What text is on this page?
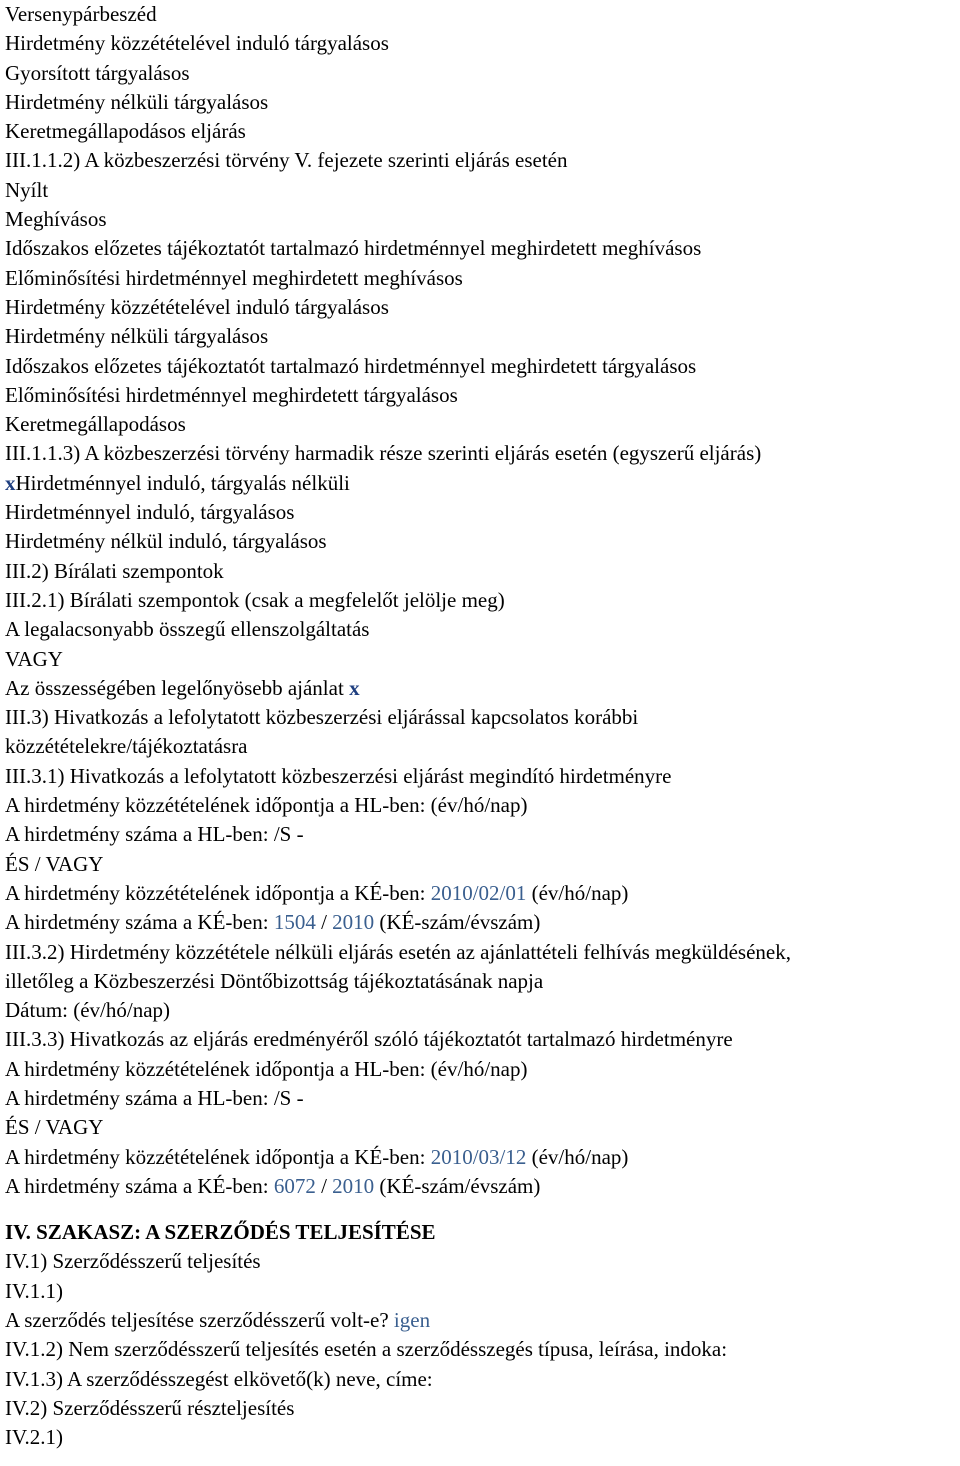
Versenypárbeszéd
Hirdetmény közzétételével induló tárgyalásos
Gyorsított tárgyalásos
Hirdetmény nélküli tárgyalásos
Keretmegállapodásos eljárás
III.1.1.2) A közbeszerzési törvény V. fejezete szerinti eljárás esetén
Nyílt
Meghívásos
Időszakos előzetes tájékoztatót tartalmazó hirdetménnyel meghirdetett meghívásos
Előminősítési hirdetménnyel meghirdetett meghívásos
Hirdetmény közzétételével induló tárgyalásos
Hirdetmény nélküli tárgyalásos
Időszakos előzetes tájékoztatót tartalmazó hirdetménnyel meghirdetett tárgyalásos
Előminősítési hirdetménnyel meghirdetett tárgyalásos
Keretmegállapodásos
III.1.1.3) A közbeszerzési törvény harmadik része szerinti eljárás esetén (egyszerű eljárás)
xHirdetménnyel induló, tárgyalás nélküli
Hirdetménnyel induló, tárgyalásos
Hirdetmény nélkül induló, tárgyalásos
III.2) Bírálati szempontok
III.2.1) Bírálati szempontok (csak a megfelelőt jelölje meg)
A legalacsonyabb összegű ellenszolgáltatás
VAGY
Az összességében legelőnyösebb ajánlat x
III.3) Hivatkozás a lefolytatott közbeszerzési eljárással kapcsolatos korábbi
közzétételekre/tájékoztatásra
III.3.1) Hivatkozás a lefolytatott közbeszerzési eljárást megindító hirdetményre
A hirdetmény közzétételének időpontja a HL-ben: (év/hó/nap)
A hirdetmény száma a HL-ben: /S -
ÉS / VAGY
A hirdetmény közzétételének időpontja a KÉ-ben: 2010/02/01 (év/hó/nap)
A hirdetmény száma a KÉ-ben: 1504 / 2010 (KÉ-szám/évszám)
III.3.2) Hirdetmény közzététele nélküli eljárás esetén az ajánlattételi felhívás megküldésének,
illetőleg a Közbeszerzési Döntőbizottság tájékoztatásának napja
Dátum: (év/hó/nap)
III.3.3) Hivatkozás az eljárás eredményéről szóló tájékoztatót tartalmazó hirdetményre
A hirdetmény közzétételének időpontja a HL-ben: (év/hó/nap)
A hirdetmény száma a HL-ben: /S -
ÉS / VAGY
A hirdetmény közzétételének időpontja a KÉ-ben: 2010/03/12 (év/hó/nap)
A hirdetmény száma a KÉ-ben: 6072 / 2010 (KÉ-szám/évszám)
IV. SZAKASZ: A SZERZŐDÉS TELJESÍTÉSE
IV.1) Szerződésszerű teljesítés
IV.1.1)
A szerződés teljesítése szerződésszerű volt-e? igen
IV.1.2) Nem szerződésszerű teljesítés esetén a szerződésszegés típusa, leírása, indoka:
IV.1.3) A szerződésszegést elkövető(k) neve, címe:
IV.2) Szerződésszerű részteljesítés
IV.2.1)
